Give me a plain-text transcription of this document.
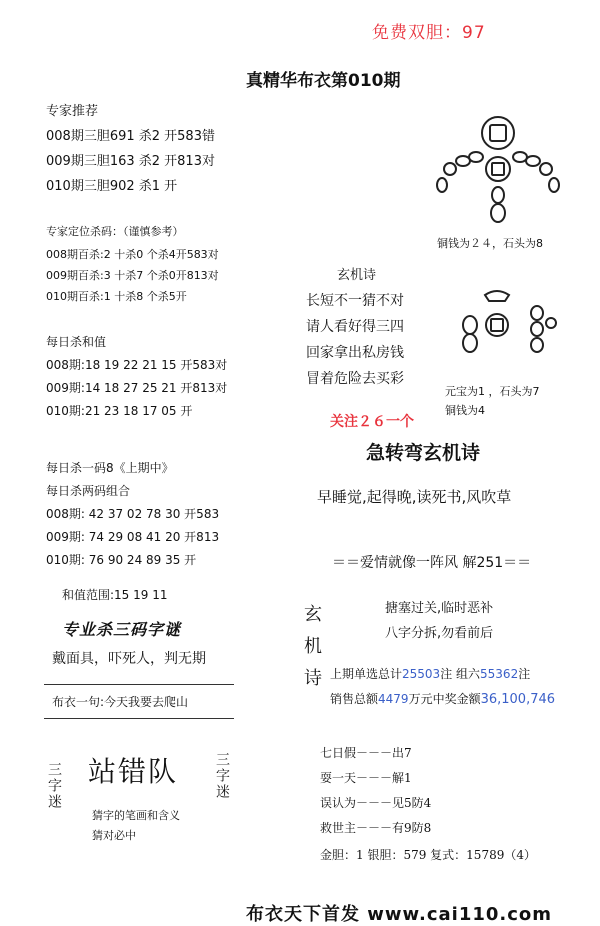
免费双胆：97
真精华布衣第010期
专家推荐
008期三胆691 杀2 开583错
009期三胆163 杀2 开813对
010期三胆902 杀1 开
专家定位杀码：（谨慎参考）
008期百杀:2 十杀0 个杀4开583对
009期百杀:3 十杀7 个杀0开813对
010期百杀:1 十杀8 个杀5开
每日杀和值
008期:18 19 22 21 15 开583对
009期:14 18 27 25 21 开813对
010期:21 23 18 17 05 开
每日杀一码8《上期中》
每日杀两码组合
008期: 42 37 02 78 30 开583
009期: 74 29 08 41 20 开813
010期: 76 90 24 89 35 开
和值范围:15 19 11
专业杀三码字谜
戴面具，吓死人，判无期
布衣一句:今天我要去爬山
三字迷 站错队	三字迷
猜字的笔画和含义
猜对必中
铜钱为２４，石头为8
玄机诗
长短不一猜不对
请人看好得三四
回家拿出私房钱
冒着危险去买彩
元宝为1 ，石头为7
铜钱为4
关注２６一个
急转弯玄机诗
早睡觉,起得晚,读死书,风吹草
＝＝爱情就像一阵风 解251＝＝
玄
机
诗
搪塞过关,临时恶补
八字分拆,勿看前后
上期单选总计25503注 组六55362注
销售总额4479万元中奖金额36,100,746
七日假－－－出7
耍一天－－－解1
误认为－－－见5防4
救世主－－－有9防8
金胆：1 银胆：579 复式：15789（4）
布衣天下首发 www.cai110.com
